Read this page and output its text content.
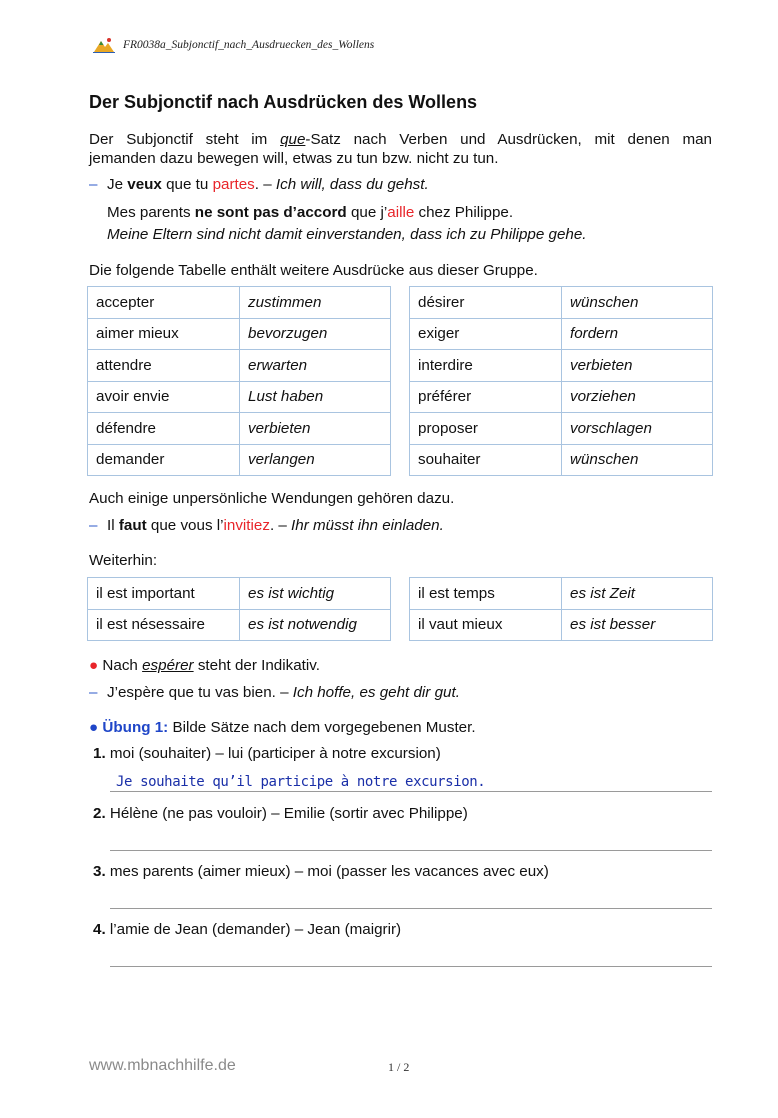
FR0038a_Subjonctif_nach_Ausdruecken_des_Wollens
Der Subjonctif nach Ausdrücken des Wollens
Der Subjonctif steht im que-Satz nach Verben und Ausdrücken, mit denen man
jemanden dazu bewegen will, etwas zu tun bzw. nicht zu tun.
– Je veux que tu partes. – Ich will, dass du gehst.
Mes parents ne sont pas d’accord que j’aille chez Philippe.
Meine Eltern sind nicht damit einverstanden, dass ich zu Philippe gehe.
Die folgende Tabelle enthält weitere Ausdrücke aus dieser Gruppe.
accepter	zustimmen
aimer mieux	bevorzugen
attendre	erwarten
avoir envie	Lust haben
défendre	verbieten
demander	verlangen
désirer	wünschen
exiger	fordern
interdire	verbieten
préférer	vorziehen
proposer	vorschlagen
souhaiter	wünschen
Auch einige unpersönliche Wendungen gehören dazu.
– Il faut que vous l’invitiez. – Ihr müsst ihn einladen.
Weiterhin:
il est important	es ist wichtig
il est nésessaire	es ist notwendig
il est temps	es ist Zeit
il vaut mieux	es ist besser
● Nach espérer steht der Indikativ.
– J’espère que tu vas bien. – Ich hoffe, es geht dir gut.
● Übung 1: Bilde Sätze nach dem vorgegebenen Muster.
1. moi (souhaiter) – lui (participer à notre excursion)
Je souhaite qu’il participe à notre excursion.
2. Hélène (ne pas vouloir) – Emilie (sortir avec Philippe)
3. mes parents (aimer mieux) – moi (passer les vacances avec eux)
4. l’amie de Jean (demander) – Jean (maigrir)
www.mbnachhilfe.de	1 / 2
